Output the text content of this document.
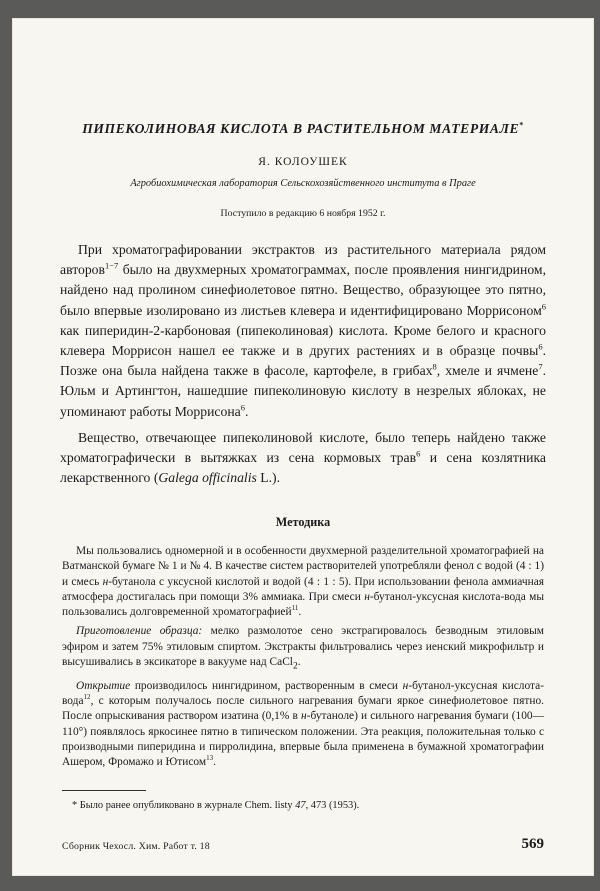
ПИПЕКОЛИНОВАЯ КИСЛОТА В РАСТИТЕЛЬНОМ МАТЕРИАЛЕ*
Я. КОЛОУШЕК
Агробиохимическая лаборатория Сельскохозяйственного института в Праге
Поступило в редакцию 6 ноября 1952 г.

При хроматографировании экстрактов из растительного материала рядом авторов$^{1-7}$ было на двухмерных хроматограммах, после проявления нингидрином, найдено над пролином синефиолетовое пятно. Вещество, образующее это пятно, было впервые изолировано из листьев клевера и идентифицировано Моррисоном$^6$ как пиперидин-2-карбоновая (пипеколиновая) кислота. Кроме белого и красного клевера Моррисон нашел ее также и в других растениях и в образце почвы$^6$. Позже она была найдена также в фасоле, картофеле, в грибах$^8$, хмеле и ячмене$^7$. Юльм и Артингтон, нашедшие пипеколиновую кислоту в незрелых яблоках, не упоминают работы Моррисона$^6$.

Вещество, отвечающее пипеколиновой кислоте, было теперь найдено также хроматографически в вытяжках из сена кормовых трав$^6$ и сена козлятника лекарственного (Galega officinalis L.).

Методика

Мы пользовались одномерной и в особенности двухмерной разделительной хроматографией на Ватманской бумаге № 1 и № 4. В качестве систем растворителей употребляли фенол с водой (4 : 1) и смесь н-бутанола с уксусной кислотой и водой (4 : 1 : 5). При использовании фенола аммиачная атмосфера достигалась при помощи 3% аммиака. При смеси н-бутанол-уксусная кислота-вода мы пользовались долговременной хроматографией$^{11}$.

Приготовление образца: мелко размолотое сено экстрагировалось безводным этиловым эфиром и затем 75% этиловым спиртом. Экстракты фильтровались через иенский микрофильтр и высушивались в эксикаторе в вакууме над CaCl$_2$.

Открытие производилось нингидрином, растворенным в смеси н-бутанол-уксусная кислота-вода$^{12}$, с которым получалось после сильного нагревания бумаги яркое синефиолетовое пятно. После опрыскивания раствором изатина (0,1% в н-бутаноле) и сильного нагревания бумаги (100—110°) появлялось яркосинее пятно в типическом положении. Эта реакция, положительная только с производными пиперидина и пирролидина, впервые была применена в бумажной хроматографии Ашером, Фромажо и Ютисом$^{13}$.

* Было ранее опубликовано в журнале Chem. listy 47, 473 (1953).
Сборник Чехосл. Хим. Работ т. 18	569
